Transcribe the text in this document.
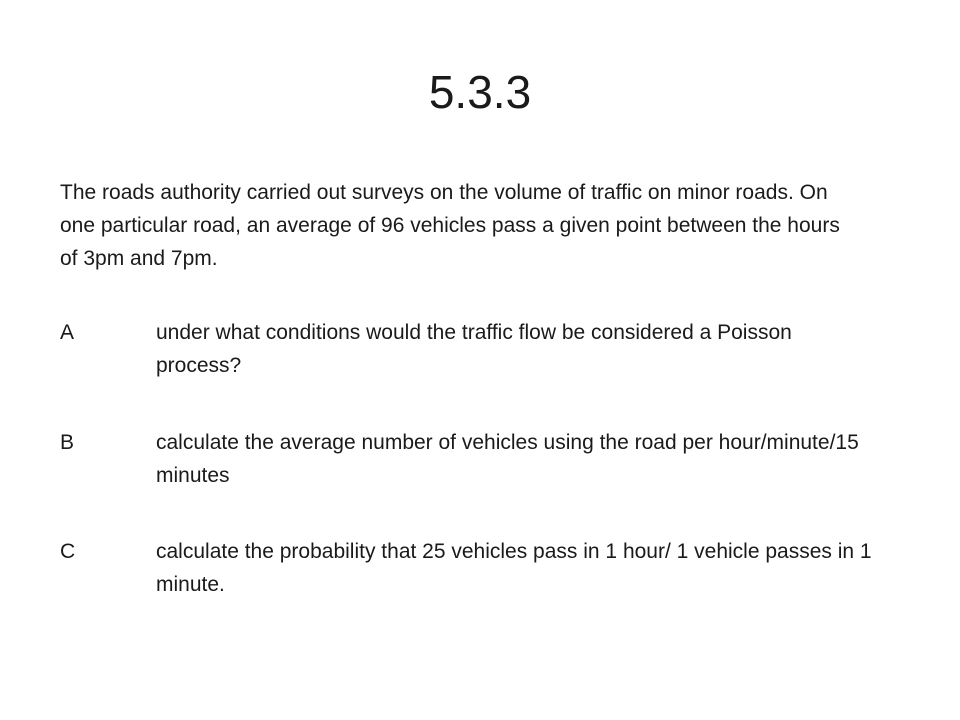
5.3.3

The roads authority carried out surveys on the volume of traffic on minor roads. On one particular road, an average of 96 vehicles pass a given point between the hours of 3pm and 7pm.

A	under what conditions would the traffic flow be considered a Poisson process?
B	calculate the average number of vehicles using the road per hour/minute/15 minutes
C	calculate the probability that 25 vehicles pass in 1 hour/ 1 vehicle passes in 1 minute.
